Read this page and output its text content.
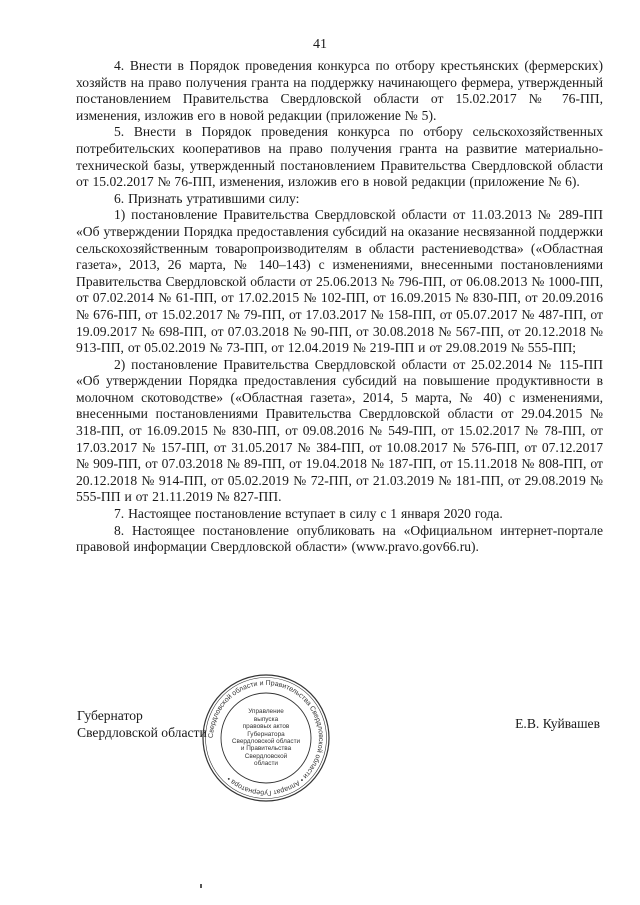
41

4. Внести в Порядок проведения конкурса по отбору крестьянских (фермерских) хозяйств на право получения гранта на поддержку начинающего фермера, утвержденный постановлением Правительства Свердловской области от 15.02.2017 № 76-ПП, изменения, изложив его в новой редакции (приложение № 5).

5. Внести в Порядок проведения конкурса по отбору сельскохозяйственных потребительских кооперативов на право получения гранта на развитие материально-технической базы, утвержденный постановлением Правительства Свердловской области от 15.02.2017 № 76-ПП, изменения, изложив его в новой редакции (приложение № 6).

6. Признать утратившими силу:

1) постановление Правительства Свердловской области от 11.03.2013 № 289-ПП «Об утверждении Порядка предоставления субсидий на оказание несвязанной поддержки сельскохозяйственным товаропроизводителям в области растениеводства» («Областная газета», 2013, 26 марта, № 140–143) с изменениями, внесенными постановлениями Правительства Свердловской области от 25.06.2013 № 796-ПП, от 06.08.2013 № 1000-ПП, от 07.02.2014 № 61-ПП, от 17.02.2015 № 102-ПП, от 16.09.2015 № 830-ПП, от 20.09.2016 № 676-ПП, от 15.02.2017 № 79-ПП, от 17.03.2017 № 158-ПП, от 05.07.2017 № 487-ПП, от 19.09.2017 № 698-ПП, от 07.03.2018 № 90-ПП, от 30.08.2018 № 567-ПП, от 20.12.2018 № 913-ПП, от 05.02.2019 № 73-ПП, от 12.04.2019 № 219-ПП и от 29.08.2019 № 555-ПП;

2) постановление Правительства Свердловской области от 25.02.2014 № 115-ПП «Об утверждении Порядка предоставления субсидий на повышение продуктивности в молочном скотоводстве» («Областная газета», 2014, 5 марта, № 40) с изменениями, внесенными постановлениями Правительства Свердловской области от 29.04.2015 № 318-ПП, от 16.09.2015 № 830-ПП, от 09.08.2016 № 549-ПП, от 15.02.2017 № 78-ПП, от 17.03.2017 № 157-ПП, от 31.05.2017 № 384-ПП, от 10.08.2017 № 576-ПП, от 07.12.2017 № 909-ПП, от 07.03.2018 № 89-ПП, от 19.04.2018 № 187-ПП, от 15.11.2018 № 808-ПП, от 20.12.2018 № 914-ПП, от 05.02.2019 № 72-ПП, от 21.03.2019 № 181-ПП, от 29.08.2019 № 555-ПП и от 21.11.2019 № 827-ПП.

7. Настоящее постановление вступает в силу с 1 января 2020 года.

8. Настоящее постановление опубликовать на «Официальном интернет-портале правовой информации Свердловской области» (www.pravo.gov66.ru).

Губернатор
Свердловской области Свердловской области и Правительства Свердловской области • Аппарат Губернатора •
Управление
выпуска
правовых актов
Губернатора
Свердловской области
и Правительства
Свердловской
области
Е.В. Куйвашев
